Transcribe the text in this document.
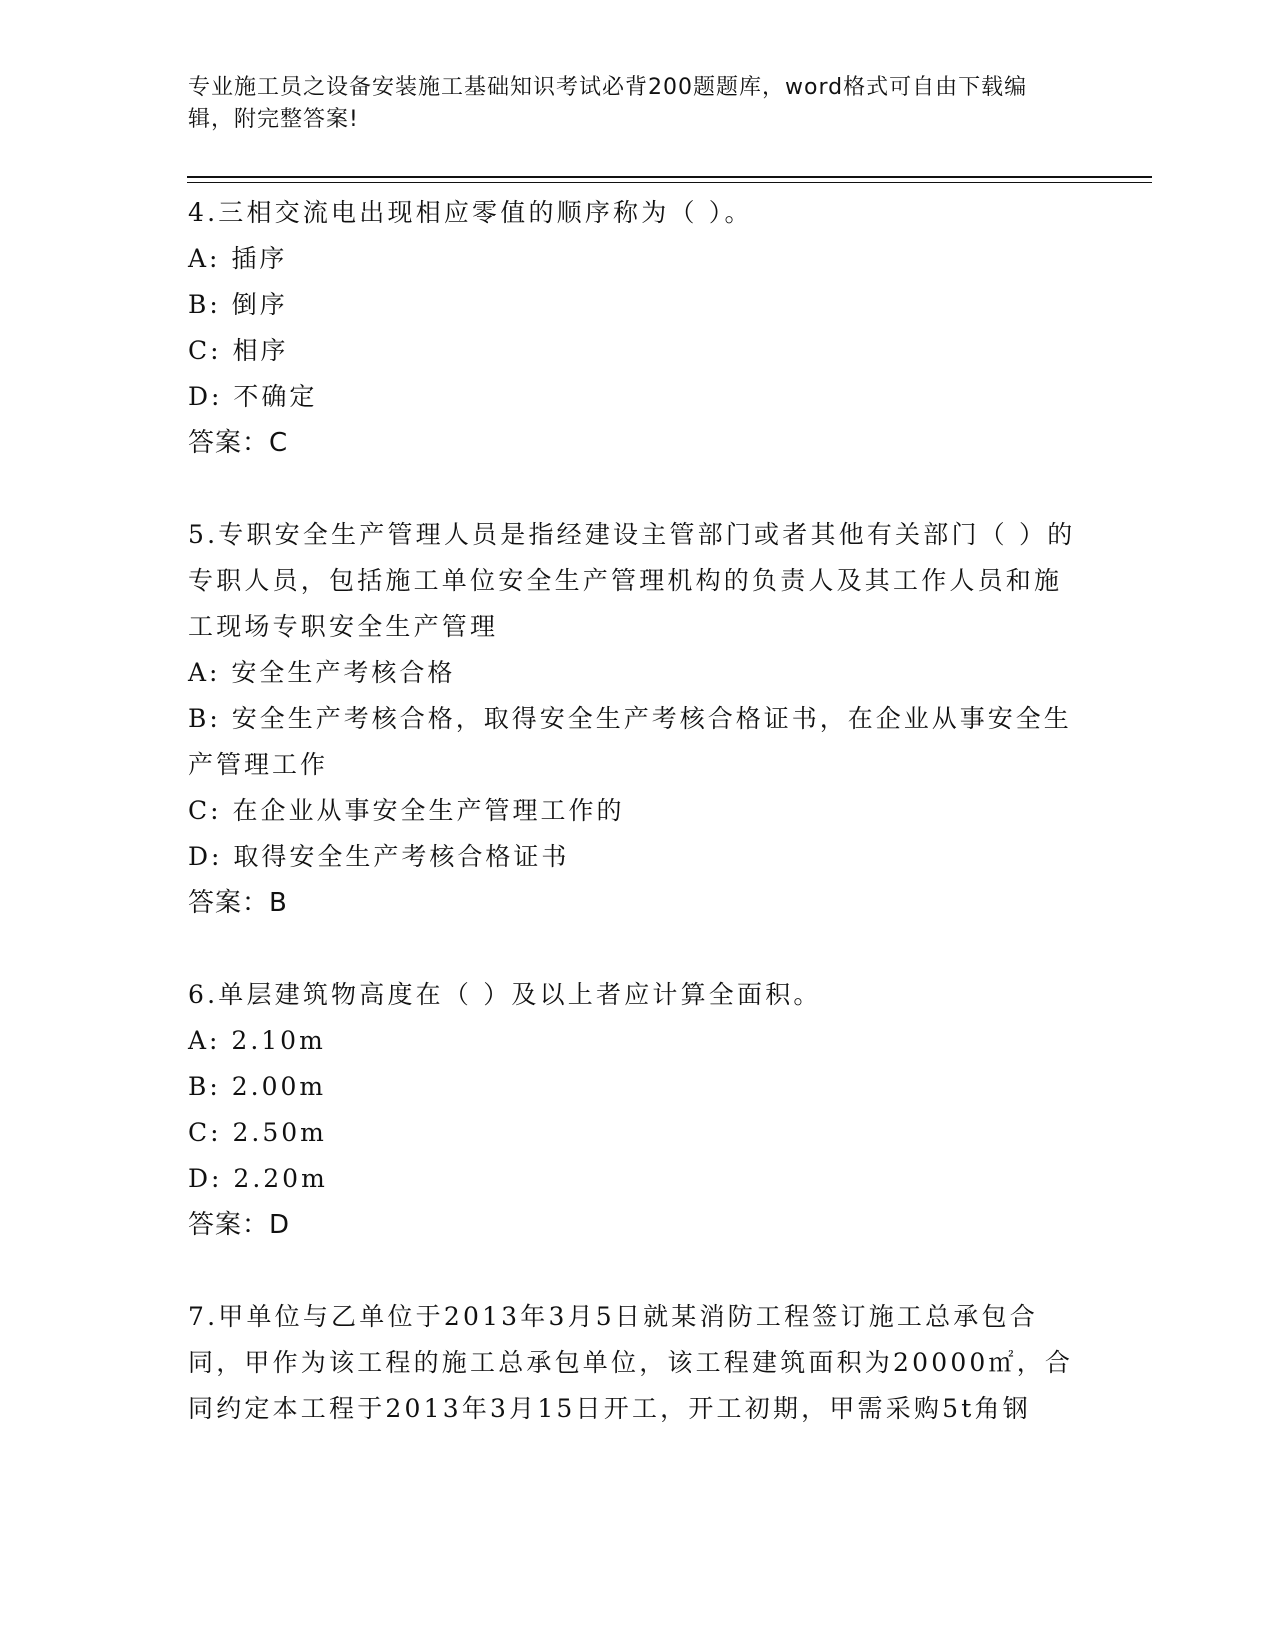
专业施工员之设备安装施工基础知识考试必背200题题库，word格式可自由下载编辑，附完整答案!
4.三相交流电出现相应零值的顺序称为（ ）。
A: 插序
B: 倒序
C: 相序
D: 不确定
答案：C
5.专职安全生产管理人员是指经建设主管部门或者其他有关部门（ ）的专职人员，包括施工单位安全生产管理机构的负责人及其工作人员和施工现场专职安全生产管理
A: 安全生产考核合格
B: 安全生产考核合格，取得安全生产考核合格证书，在企业从事安全生产管理工作
C: 在企业从事安全生产管理工作的
D: 取得安全生产考核合格证书
答案：B
6.单层建筑物高度在（ ）及以上者应计算全面积。
A: 2.10m
B: 2.00m
C: 2.50m
D: 2.20m
答案：D
7.甲单位与乙单位于2013年3月5日就某消防工程签订施工总承包合同，甲作为该工程的施工总承包单位，该工程建筑面积为20000㎡，合同约定本工程于2013年3月15日开工，开工初期，甲需采购5t角钢
